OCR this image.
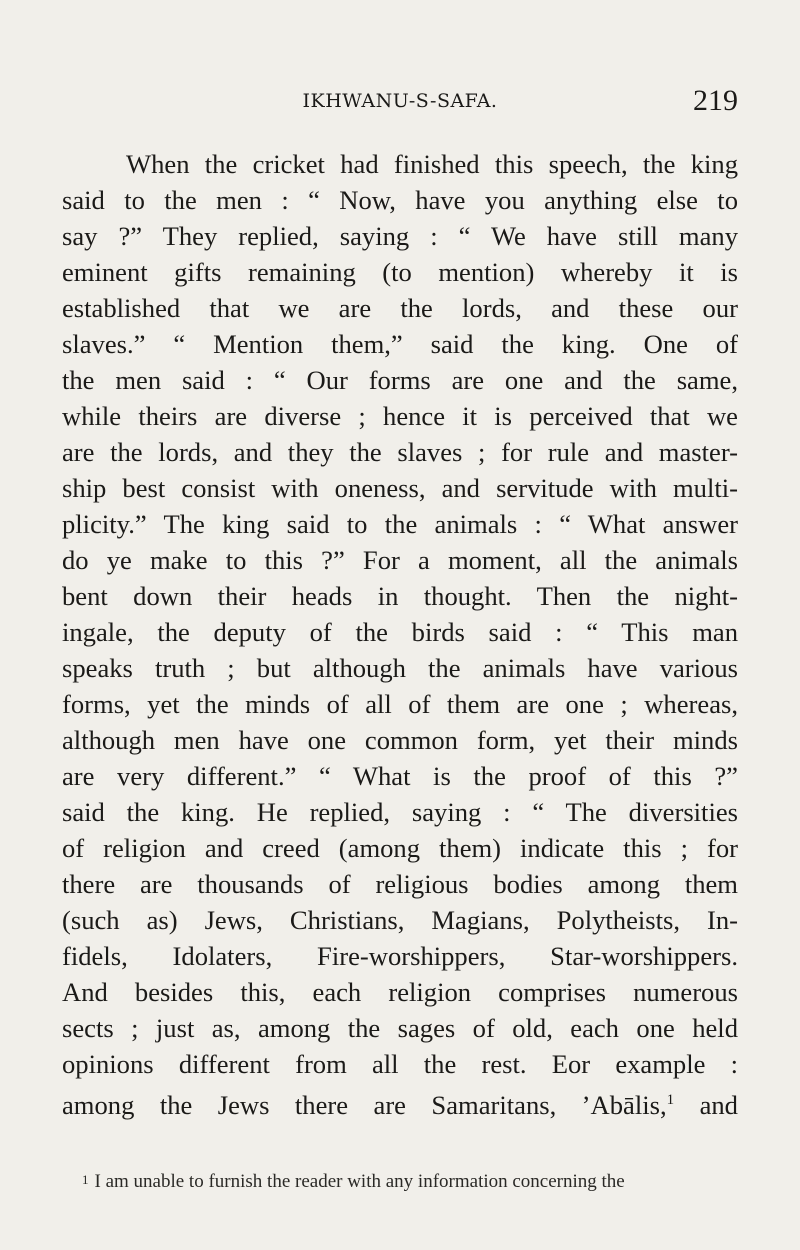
IKHWANU-S-SAFA.	219
When the cricket had finished this speech, the king
said to the men : “ Now, have you anything else to
say ?” They replied, saying : “ We have still many
eminent gifts remaining (to mention) whereby it is
established that we are the lords, and these our
slaves.” “ Mention them,” said the king. One of
the men said : “ Our forms are one and the same,
while theirs are diverse ; hence it is perceived that we
are the lords, and they the slaves ; for rule and master-
ship best consist with oneness, and servitude with multi-
plicity.” The king said to the animals : “ What answer
do ye make to this ?” For a moment, all the animals
bent down their heads in thought. Then the night-
ingale, the deputy of the birds said : “ This man
speaks truth ; but although the animals have various
forms, yet the minds of all of them are one ; whereas,
although men have one common form, yet their minds
are very different.” “ What is the proof of this ?”
said the king. He replied, saying : “ The diversities
of religion and creed (among them) indicate this ; for
there are thousands of religious bodies among them
(such as) Jews, Christians, Magians, Polytheists, In-
fidels, Idolaters, Fire-worshippers, Star-worshippers.
And besides this, each religion comprises numerous
sects ; just as, among the sages of old, each one held
opinions different from all the rest. Eor example :
among the Jews there are Samaritans, ’Abālis,$^1$ and
$^1$ I am unable to furnish the reader with any information concerning the
